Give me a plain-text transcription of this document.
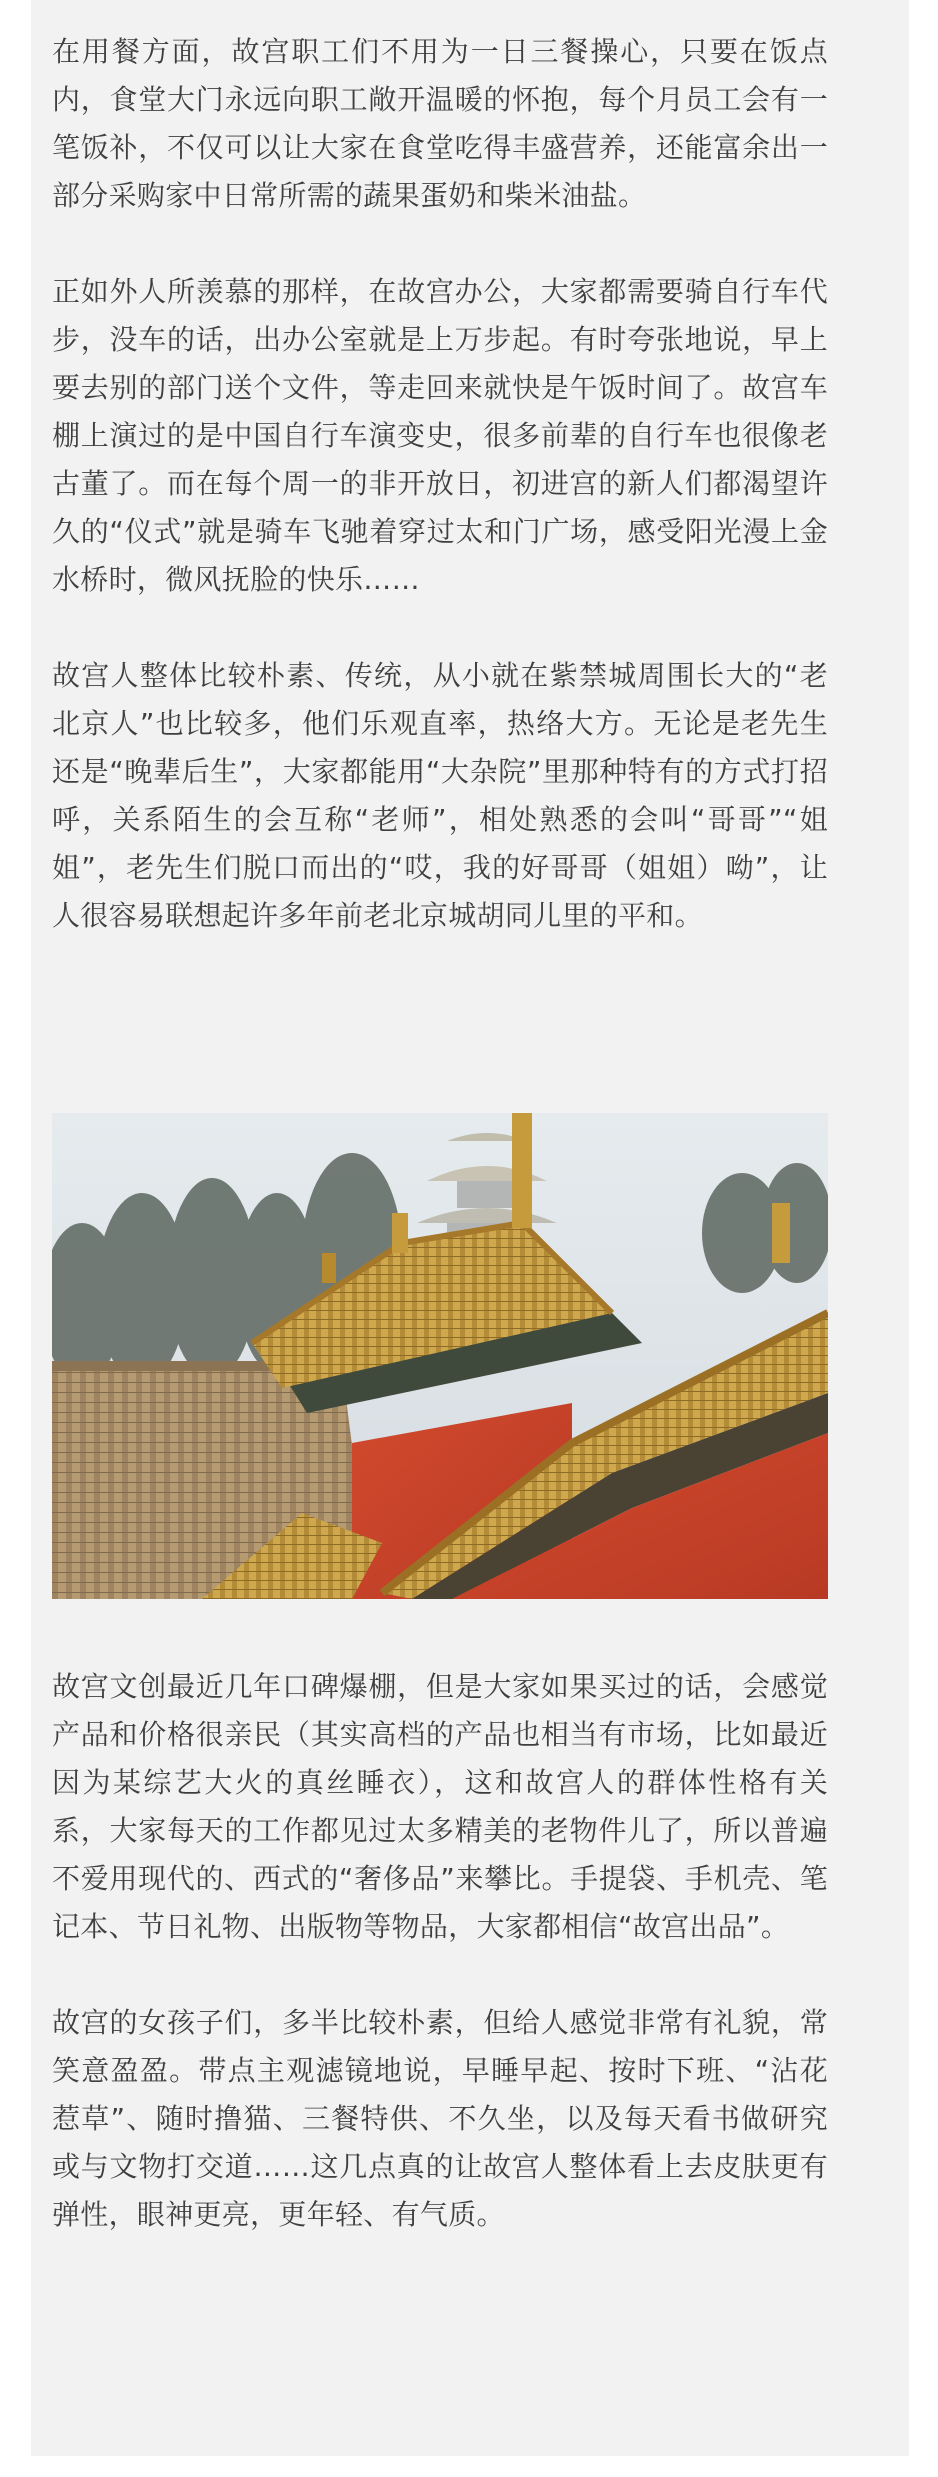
在用餐方面，故宫职工们不用为一日三餐操心，只要在饭点内，食堂大门永远向职工敞开温暖的怀抱，每个月员工会有一笔饭补，不仅可以让大家在食堂吃得丰盛营养，还能富余出一部分采购家中日常所需的蔬果蛋奶和柴米油盐。

正如外人所羡慕的那样，在故宫办公，大家都需要骑自行车代步，没车的话，出办公室就是上万步起。有时夸张地说，早上要去别的部门送个文件，等走回来就快是午饭时间了。故宫车棚上演过的是中国自行车演变史，很多前辈的自行车也很像老古董了。而在每个周一的非开放日，初进宫的新人们都渴望许久的“仪式”就是骑车飞驰着穿过太和门广场，感受阳光漫上金水桥时，微风抚脸的快乐……

故宫人整体比较朴素、传统，从小就在紫禁城周围长大的“老北京人”也比较多，他们乐观直率，热络大方。无论是老先生还是“晚辈后生”，大家都能用“大杂院”里那种特有的方式打招呼，关系陌生的会互称“老师”，相处熟悉的会叫“哥哥”“姐姐”，老先生们脱口而出的“哎，我的好哥哥（姐姐）呦”，让人很容易联想起许多年前老北京城胡同儿里的平和。

故宫文创最近几年口碑爆棚，但是大家如果买过的话，会感觉产品和价格很亲民（其实高档的产品也相当有市场，比如最近因为某综艺大火的真丝睡衣），这和故宫人的群体性格有关系，大家每天的工作都见过太多精美的老物件儿了，所以普遍不爱用现代的、西式的“奢侈品”来攀比。手提袋、手机壳、笔记本、节日礼物、出版物等物品，大家都相信“故宫出品”。

故宫的女孩子们，多半比较朴素，但给人感觉非常有礼貌，常笑意盈盈。带点主观滤镜地说，早睡早起、按时下班、“沾花惹草”、随时撸猫、三餐特供、不久坐，以及每天看书做研究或与文物打交道……这几点真的让故宫人整体看上去皮肤更有弹性，眼神更亮，更年轻、有气质。
